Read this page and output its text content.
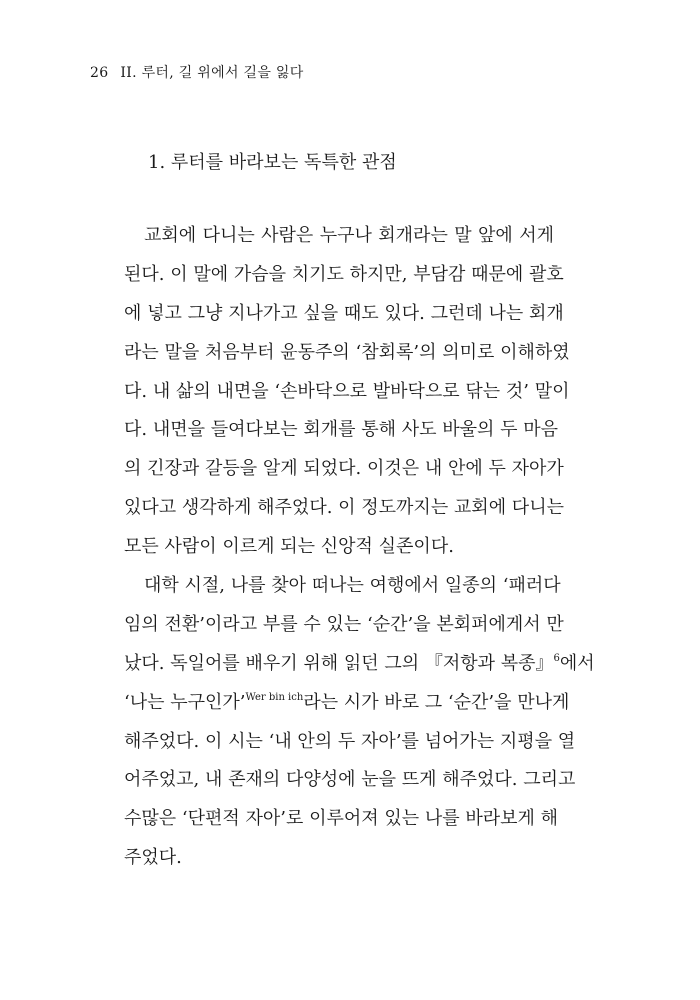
26 II. 루터, 길 위에서 길을 잃다
1. 루터를 바라보는 독특한 관점
교회에 다니는 사람은 누구나 회개라는 말 앞에 서게
된다. 이 말에 가슴을 치기도 하지만, 부담감 때문에 괄호
에 넣고 그냥 지나가고 싶을 때도 있다. 그런데 나는 회개
라는 말을 처음부터 윤동주의 ‘참회록’의 의미로 이해하였
다. 내 삶의 내면을 ‘손바닥으로 발바닥으로 닦는 것’ 말이
다. 내면을 들여다보는 회개를 통해 사도 바울의 두 마음
의 긴장과 갈등을 알게 되었다. 이것은 내 안에 두 자아가
있다고 생각하게 해주었다. 이 정도까지는 교회에 다니는
모든 사람이 이르게 되는 신앙적 실존이다.
대학 시절, 나를 찾아 떠나는 여행에서 일종의 ‘패러다
임의 전환’이라고 부를 수 있는 ‘순간’을 본회퍼에게서 만
났다. 독일어를 배우기 위해 읽던 그의 『저항과 복종』$^6$에서
‘나는 누구인가’$^{Wer bin ich}$라는 시가 바로 그 ‘순간’을 만나게
해주었다. 이 시는 ‘내 안의 두 자아’를 넘어가는 지평을 열
어주었고, 내 존재의 다양성에 눈을 뜨게 해주었다. 그리고
수많은 ‘단편적 자아’로 이루어져 있는 나를 바라보게 해
주었다.
